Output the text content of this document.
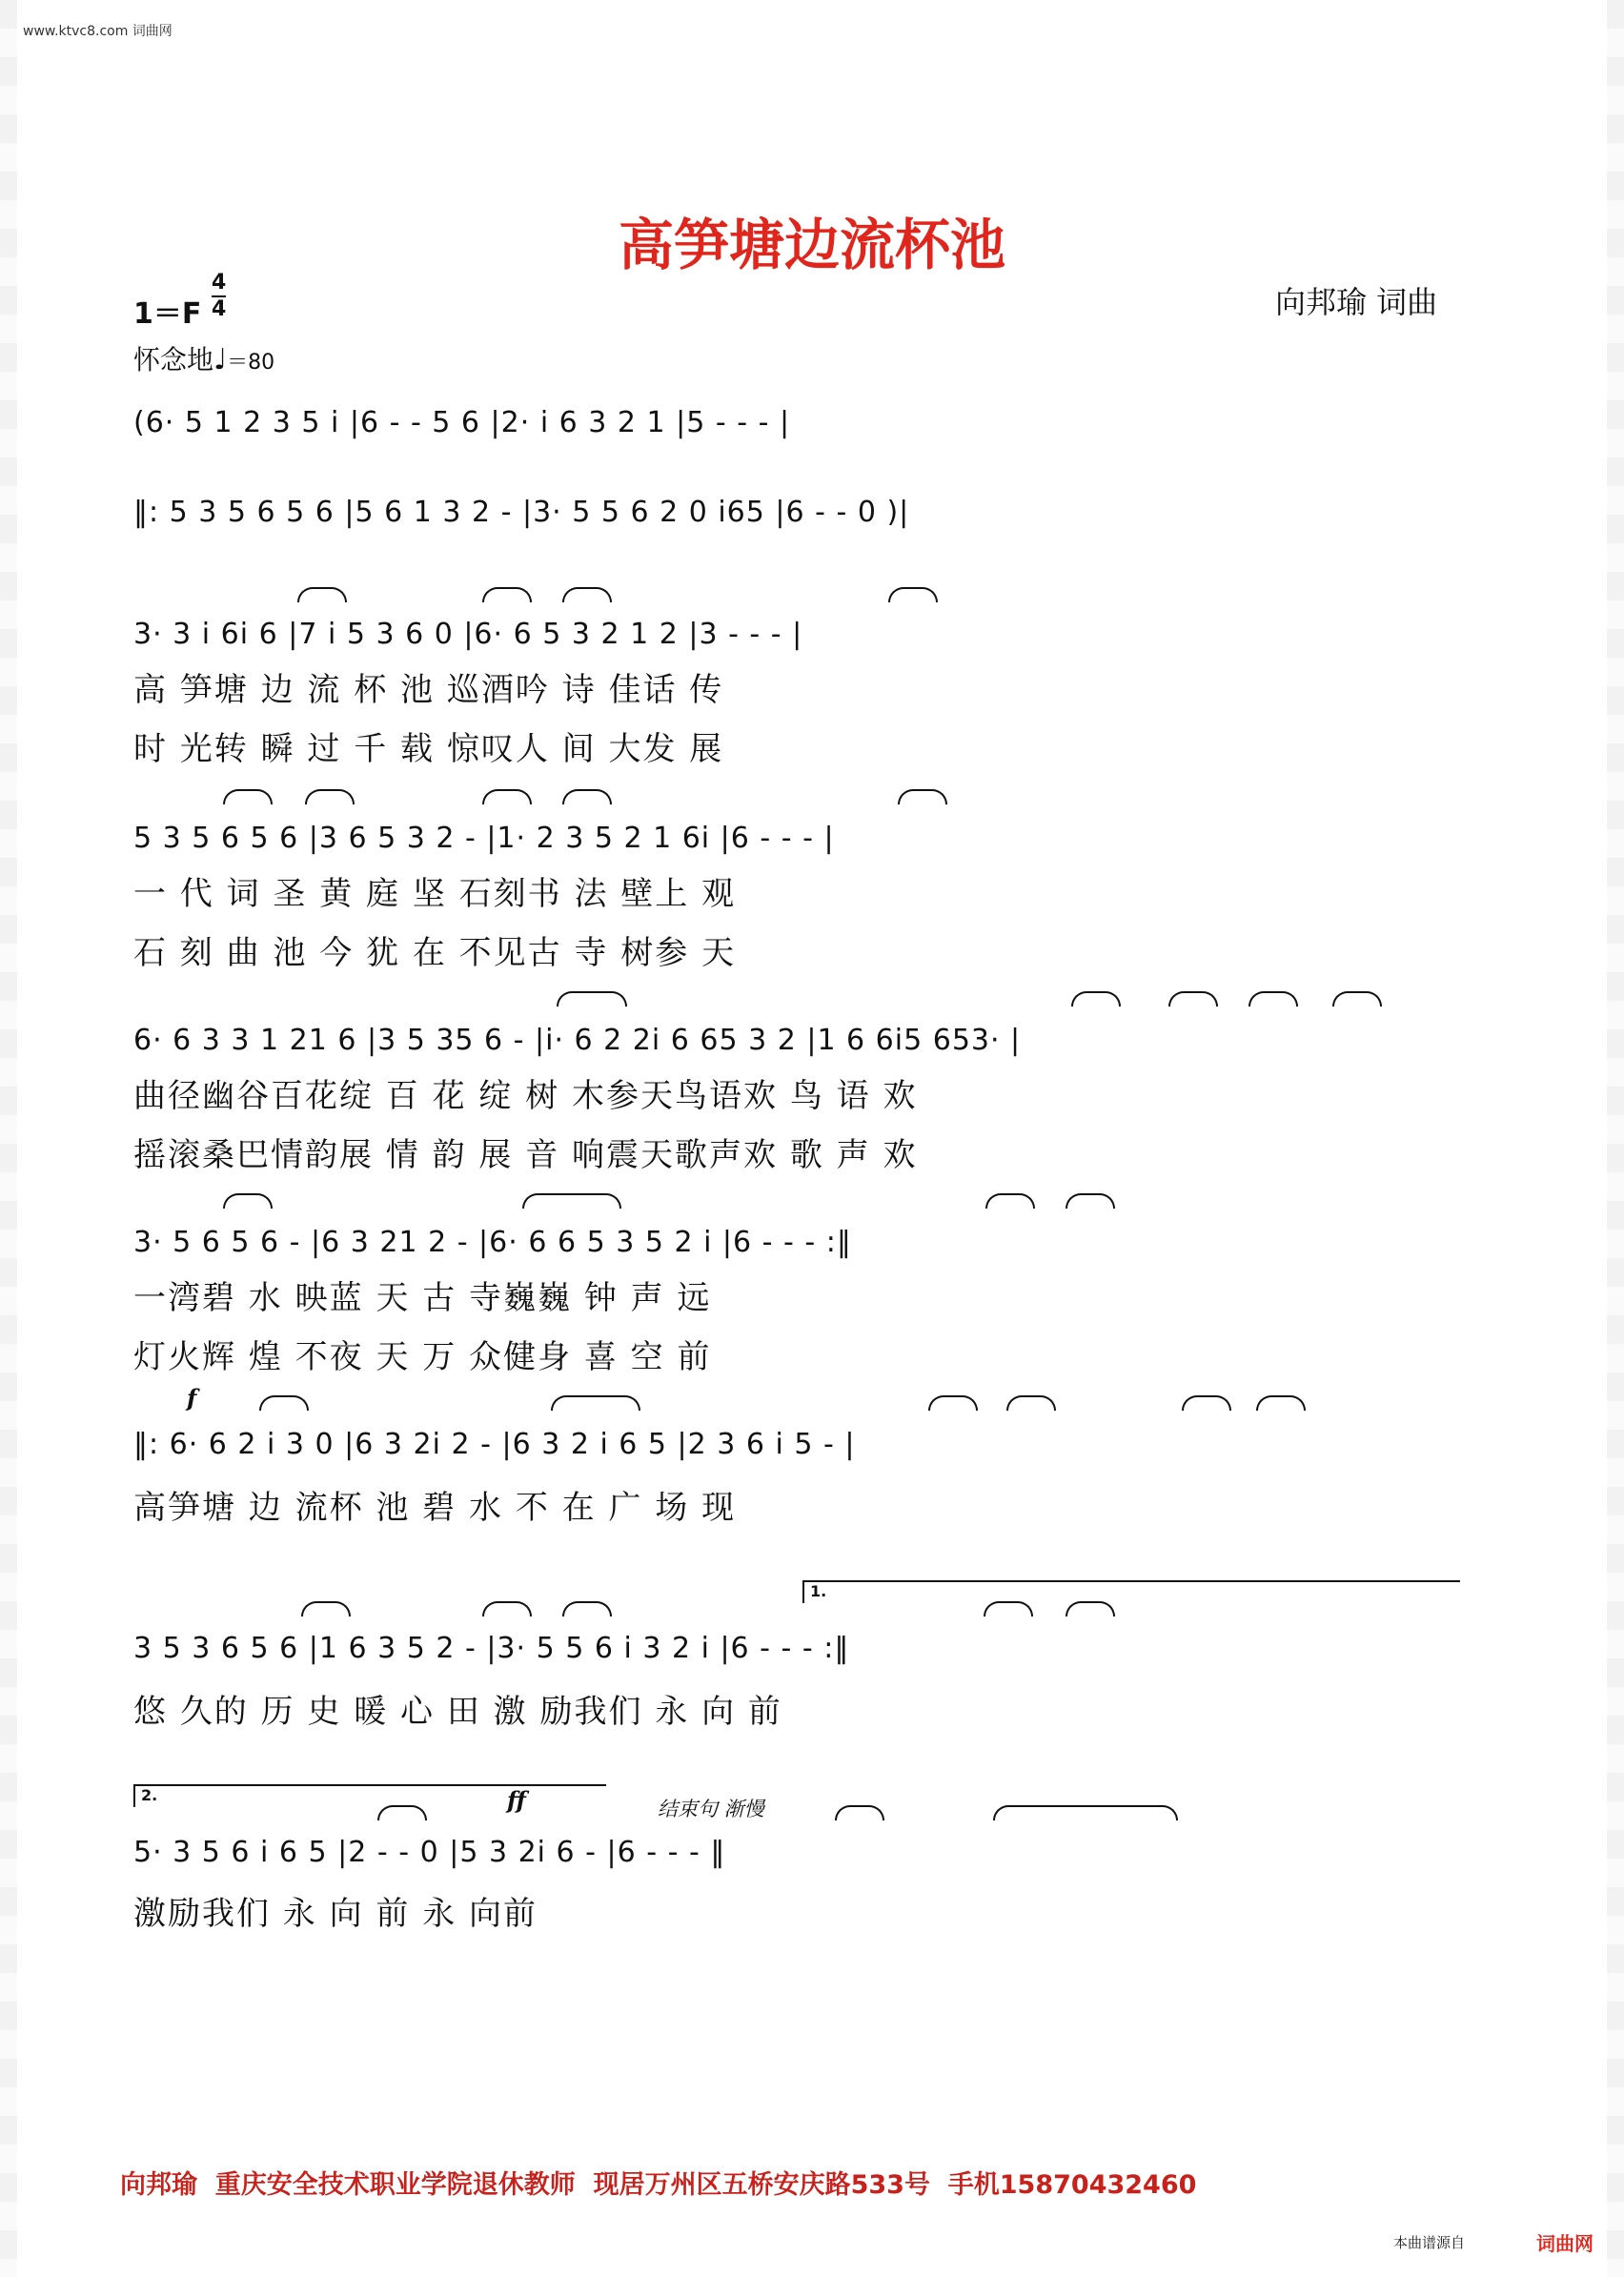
www.ktvc8.com 词曲网
高笋塘边流杯池
向邦瑜 词曲
1＝F
4
4
怀念地♩＝80
(6· 5 1 2 3 5 i |6 - - 5 6 |2· i 6 3 2 1 |5 - - - |
‖: 5 3 5 6 5 6 |5 6 1 3 2 - |3· 5 5 6 2 0 i65 |6 - - 0 )|
3· 3 i 6i 6 |7 i 5 3 6 0 |6· 6 5 3 2 1 2 |3 - - - |
高 笋塘 边 流 杯 池 巡酒吟 诗 佳话 传
时 光转 瞬 过 千 载 惊叹人 间 大发 展
5 3 5 6 5 6 |3 6 5 3 2 - |1· 2 3 5 2 1 6i |6 - - - |
一 代 词 圣 黄 庭 坚 石刻书 法 壁上 观
石 刻 曲 池 今 犹 在 不见古 寺 树参 天
6· 6 3 3 1 21 6 |3 5 35 6 - |i· 6 2 2i 6 65 3 2 |1 6 6i5 653· |
曲径幽谷百花绽 百 花 绽 树 木参天鸟语欢 鸟 语 欢
摇滚桑巴情韵展 情 韵 展 音 响震天歌声欢 歌 声 欢
3· 5 6 5 6 - |6 3 21 2 - |6· 6 6 5 3 5 2 i |6 - - - :‖
一湾碧 水 映蓝 天 古 寺巍巍 钟 声 远
灯火辉 煌 不夜 天 万 众健身 喜 空 前
f
‖: 6· 6 2 i 3 0 |6 3 2i 2 - |6 3 2 i 6 5 |2 3 6 i 5 - |
高笋塘 边 流杯 池 碧 水 不 在 广 场 现
1.
3 5 3 6 5 6 |1 6 3 5 2 - |3· 5 5 6 i 3 2 i |6 - - - :‖
悠 久的 历 史 暖 心 田 激 励我们 永 向 前
2.	ff	结束句 渐慢
5· 3 5 6 i 6 5 |2 - - 0 |5 3 2i 6 - |6 - - - ‖
激励我们 永 向 前 永 向前
向邦瑜  重庆安全技术职业学院退休教师  现居万州区五桥安庆路533号  手机15870432460
本曲谱源自	词曲网
